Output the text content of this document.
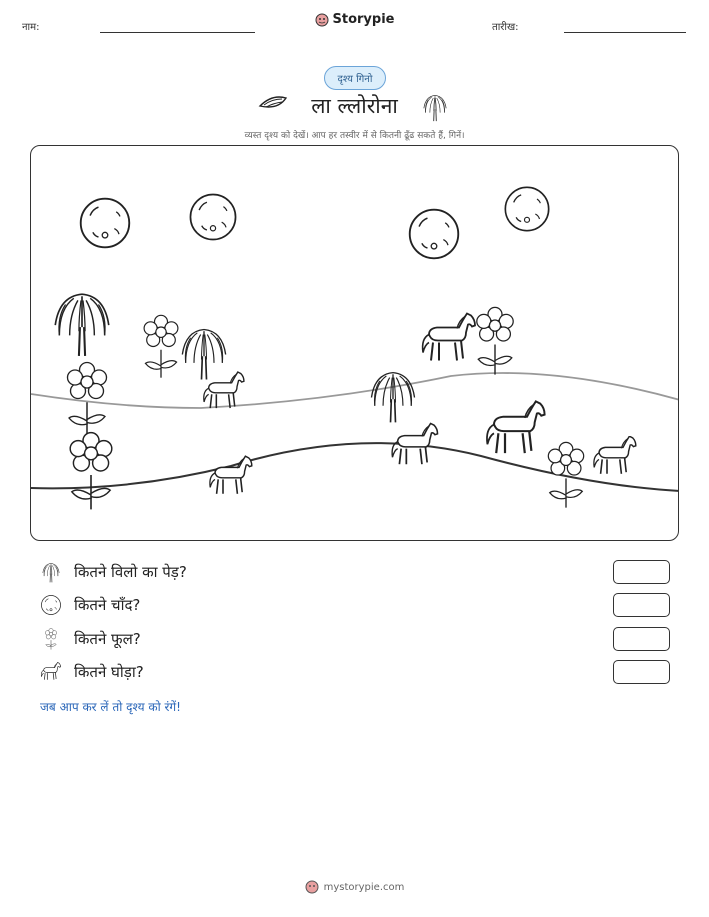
नाम:
Storypie
तारीख:
दृश्य गिनो
ला ल्लोरोना
व्यस्त दृश्य को देखें। आप हर तस्वीर में से कितनी ढूँढ सकते हैं, गिनें।
कितने विलो का पेड़?
कितने चाँद?
कितने फूल?
कितने घोड़ा?
जब आप कर लें तो दृश्य को रंगें!
mystorypie.com
